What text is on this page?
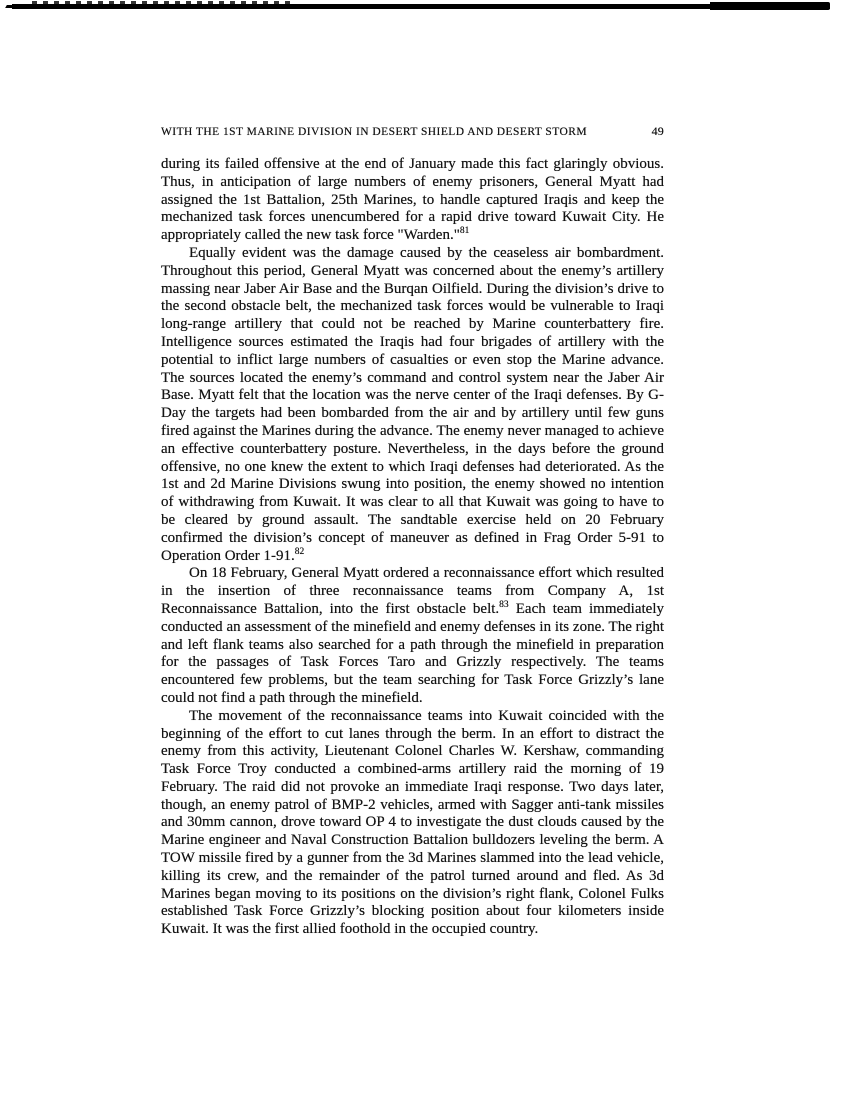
WITH THE 1ST MARINE DIVISION IN DESERT SHIELD AND DESERT STORM	49

during its failed offensive at the end of January made this fact glaringly obvious. Thus, in anticipation of large numbers of enemy prisoners, General Myatt had assigned the 1st Battalion, 25th Marines, to handle captured Iraqis and keep the mechanized task forces unencumbered for a rapid drive toward Kuwait City. He appropriately called the new task force "Warden."$^{81}$

Equally evident was the damage caused by the ceaseless air bombardment. Throughout this period, General Myatt was concerned about the enemy’s artillery massing near Jaber Air Base and the Burqan Oilfield. During the division’s drive to the second obstacle belt, the mechanized task forces would be vulnerable to Iraqi long-range artillery that could not be reached by Marine counterbattery fire. Intelligence sources estimated the Iraqis had four brigades of artillery with the potential to inflict large numbers of casualties or even stop the Marine advance. The sources located the enemy’s command and control system near the Jaber Air Base. Myatt felt that the location was the nerve center of the Iraqi defenses. By G-Day the targets had been bombarded from the air and by artillery until few guns fired against the Marines during the advance. The enemy never managed to achieve an effective counterbattery posture. Nevertheless, in the days before the ground offensive, no one knew the extent to which Iraqi defenses had deteriorated. As the 1st and 2d Marine Divisions swung into position, the enemy showed no intention of withdrawing from Kuwait. It was clear to all that Kuwait was going to have to be cleared by ground assault. The sandtable exercise held on 20 February confirmed the division’s concept of maneuver as defined in Frag Order 5-91 to Operation Order 1-91.82

On 18 February, General Myatt ordered a reconnaissance effort which resulted in the insertion of three reconnaissance teams from Company A, 1st Reconnaissance Battalion, into the first obstacle belt.$^{83}$ Each team immediately conducted an assessment of the minefield and enemy defenses in its zone. The right and left flank teams also searched for a path through the minefield in preparation for the passages of Task Forces Taro and Grizzly respectively. The teams encountered few problems, but the team searching for Task Force Grizzly’s lane could not find a path through the minefield.

The movement of the reconnaissance teams into Kuwait coincided with the beginning of the effort to cut lanes through the berm. In an effort to distract the enemy from this activity, Lieutenant Colonel Charles W. Kershaw, commanding Task Force Troy conducted a combined-arms artillery raid the morning of 19 February. The raid did not provoke an immediate Iraqi response. Two days later, though, an enemy patrol of BMP-2 vehicles, armed with Sagger anti-tank missiles and 30mm cannon, drove toward OP 4 to investigate the dust clouds caused by the Marine engineer and Naval Construction Battalion bulldozers leveling the berm. A TOW missile fired by a gunner from the 3d Marines slammed into the lead vehicle, killing its crew, and the remainder of the patrol turned around and fled. As 3d Marines began moving to its positions on the division’s right flank, Colonel Fulks established Task Force Grizzly’s blocking position about four kilometers inside Kuwait. It was the first allied foothold in the occupied country.
